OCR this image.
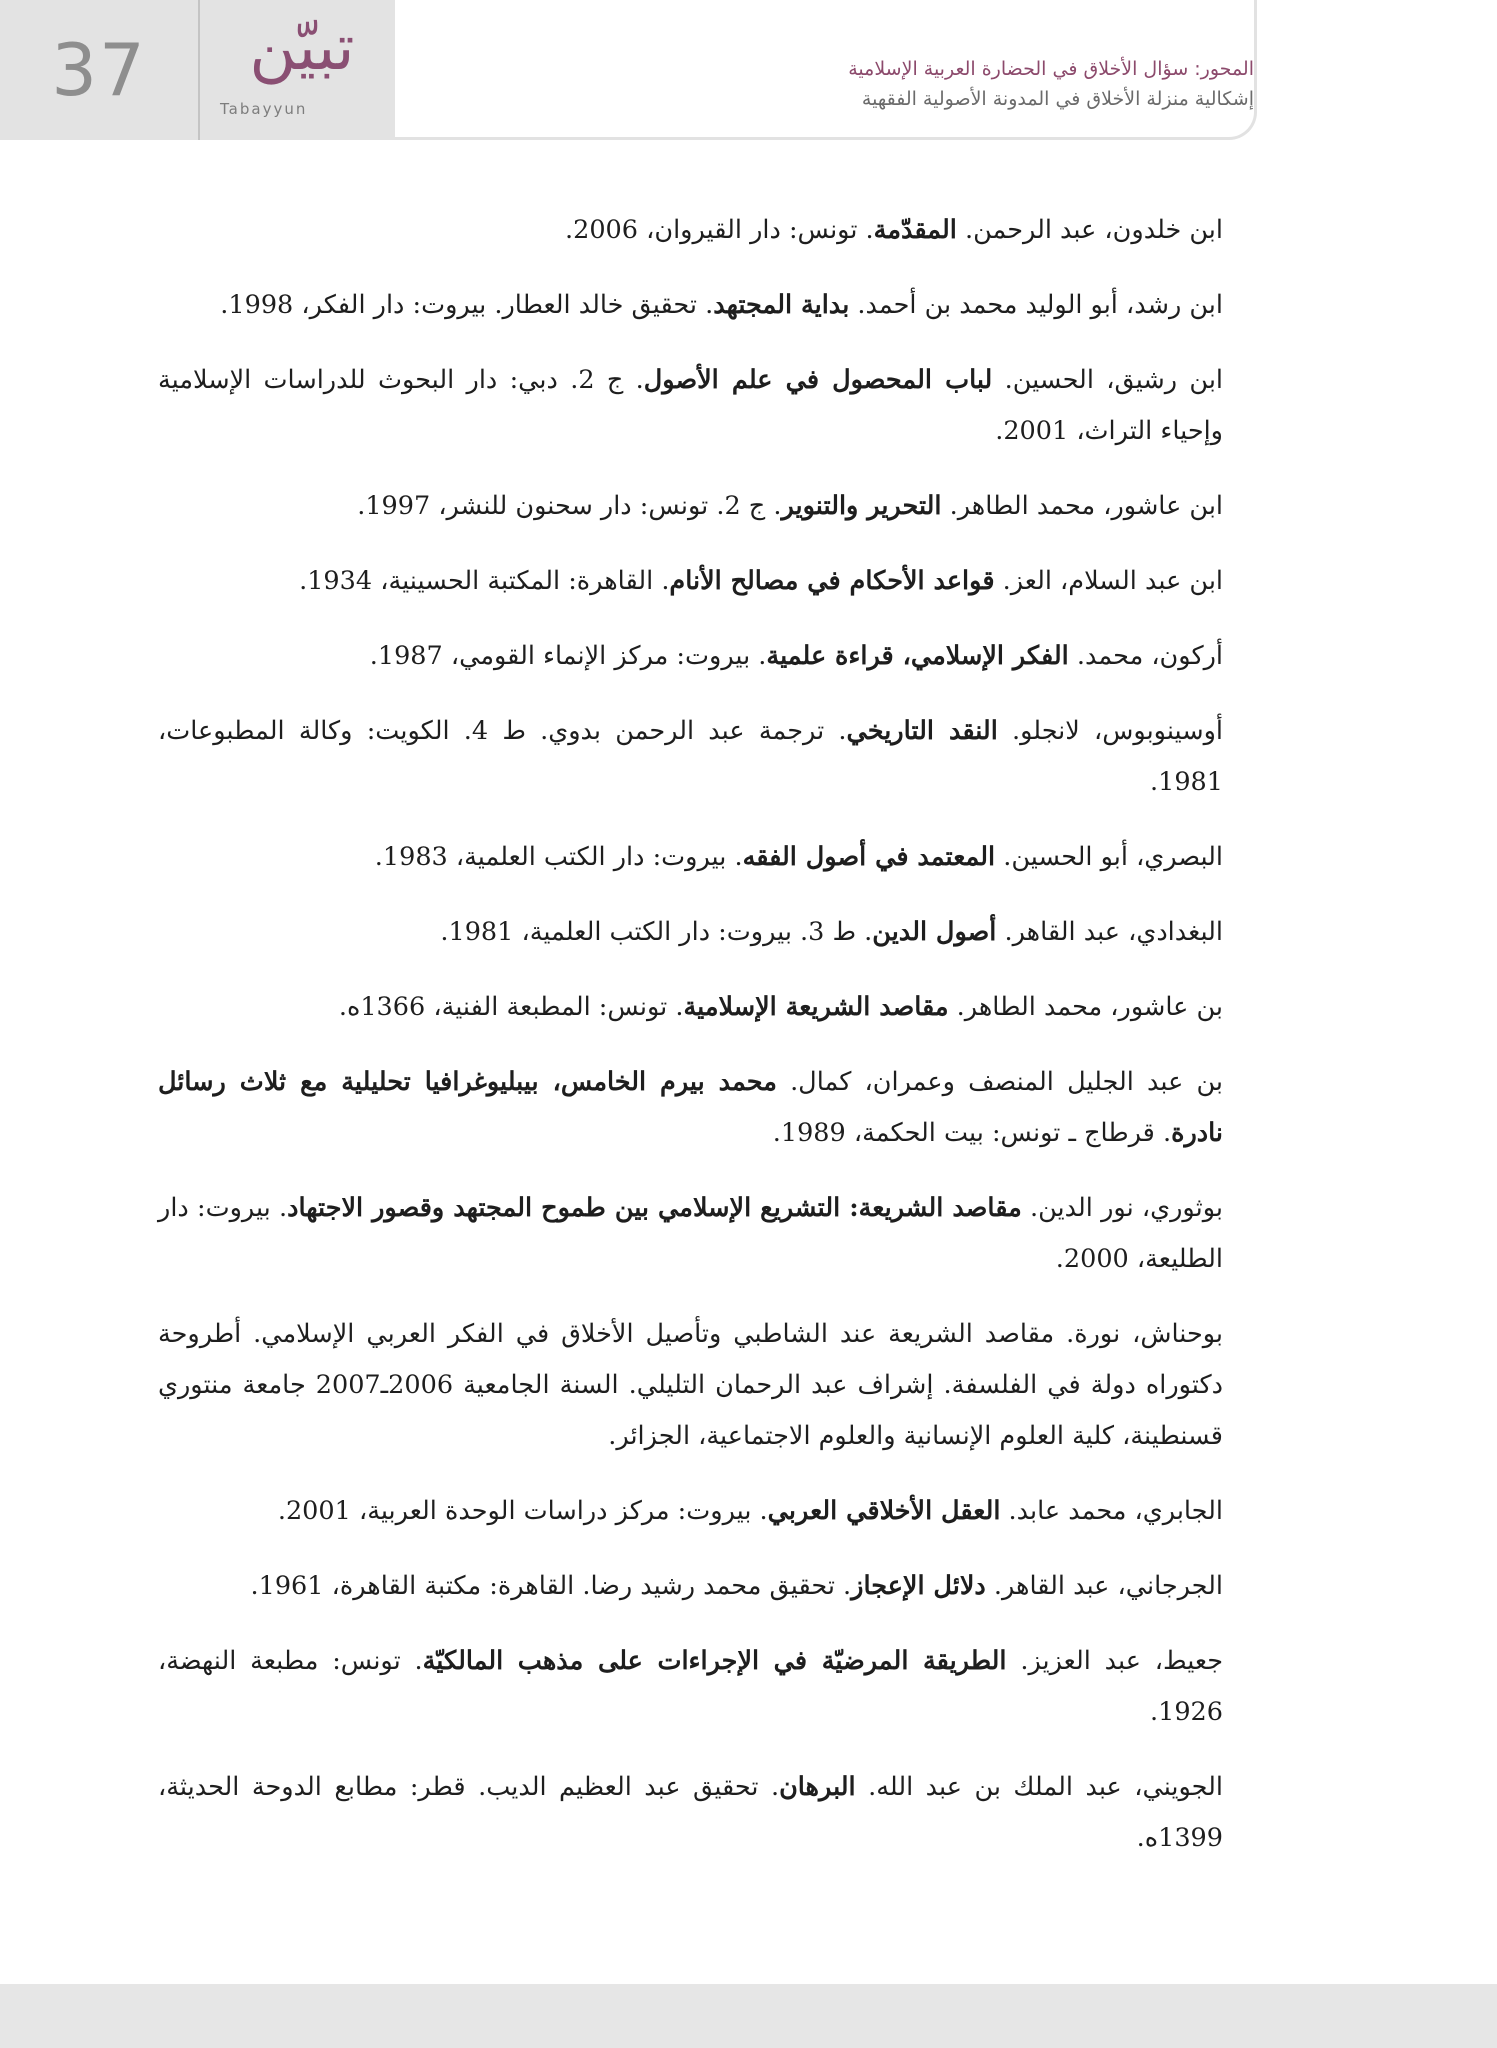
37	تبيّن
Tabayyun
المحور: سؤال الأخلاق في الحضارة العربية الإسلامية
إشكالية منزلة الأخلاق في المدونة الأصولية الفقهية

ابن خلدون، عبد الرحمن. المقدّمة. تونس: دار القيروان، 2006.

ابن رشد، أبو الوليد محمد بن أحمد. بداية المجتهد. تحقيق خالد العطار. بيروت: دار الفكر، 1998.

ابن رشيق، الحسين. لباب المحصول في علم الأصول. ج 2. دبي: دار البحوث للدراسات الإسلامية وإحياء التراث، 2001.

ابن عاشور، محمد الطاهر. التحرير والتنوير. ج 2. تونس: دار سحنون للنشر، 1997.

ابن عبد السلام، العز. قواعد الأحكام في مصالح الأنام. القاهرة: المكتبة الحسينية، 1934.

أركون، محمد. الفكر الإسلامي، قراءة علمية. بيروت: مركز الإنماء القومي، 1987.

أوسينوبوس، لانجلو. النقد التاريخي. ترجمة عبد الرحمن بدوي. ط 4. الكويت: وكالة المطبوعات، 1981.

البصري، أبو الحسين. المعتمد في أصول الفقه. بيروت: دار الكتب العلمية، 1983.

البغدادي، عبد القاهر. أصول الدين. ط 3. بيروت: دار الكتب العلمية، 1981.

بن عاشور، محمد الطاهر. مقاصد الشريعة الإسلامية. تونس: المطبعة الفنية، 1366ه.

بن عبد الجليل المنصف وعمران، كمال. محمد بيرم الخامس، بيبليوغرافيا تحليلية مع ثلاث رسائل نادرة. قرطاج ـ تونس: بيت الحكمة، 1989.

بوثوري، نور الدين. مقاصد الشريعة: التشريع الإسلامي بين طموح المجتهد وقصور الاجتهاد. بيروت: دار الطليعة، 2000.

بوحناش، نورة. مقاصد الشريعة عند الشاطبي وتأصيل الأخلاق في الفكر العربي الإسلامي. أطروحة دكتوراه دولة في الفلسفة. إشراف عبد الرحمان التليلي. السنة الجامعية 2006ـ2007 جامعة منتوري قسنطينة، كلية العلوم الإنسانية والعلوم الاجتماعية، الجزائر.

الجابري، محمد عابد. العقل الأخلاقي العربي. بيروت: مركز دراسات الوحدة العربية، 2001.

الجرجاني، عبد القاهر. دلائل الإعجاز. تحقيق محمد رشيد رضا. القاهرة: مكتبة القاهرة، 1961.

جعيط، عبد العزيز. الطريقة المرضيّة في الإجراءات على مذهب المالكيّة. تونس: مطبعة النهضة، 1926.

الجويني، عبد الملك بن عبد الله. البرهان. تحقيق عبد العظيم الديب. قطر: مطابع الدوحة الحديثة، 1399ه.
